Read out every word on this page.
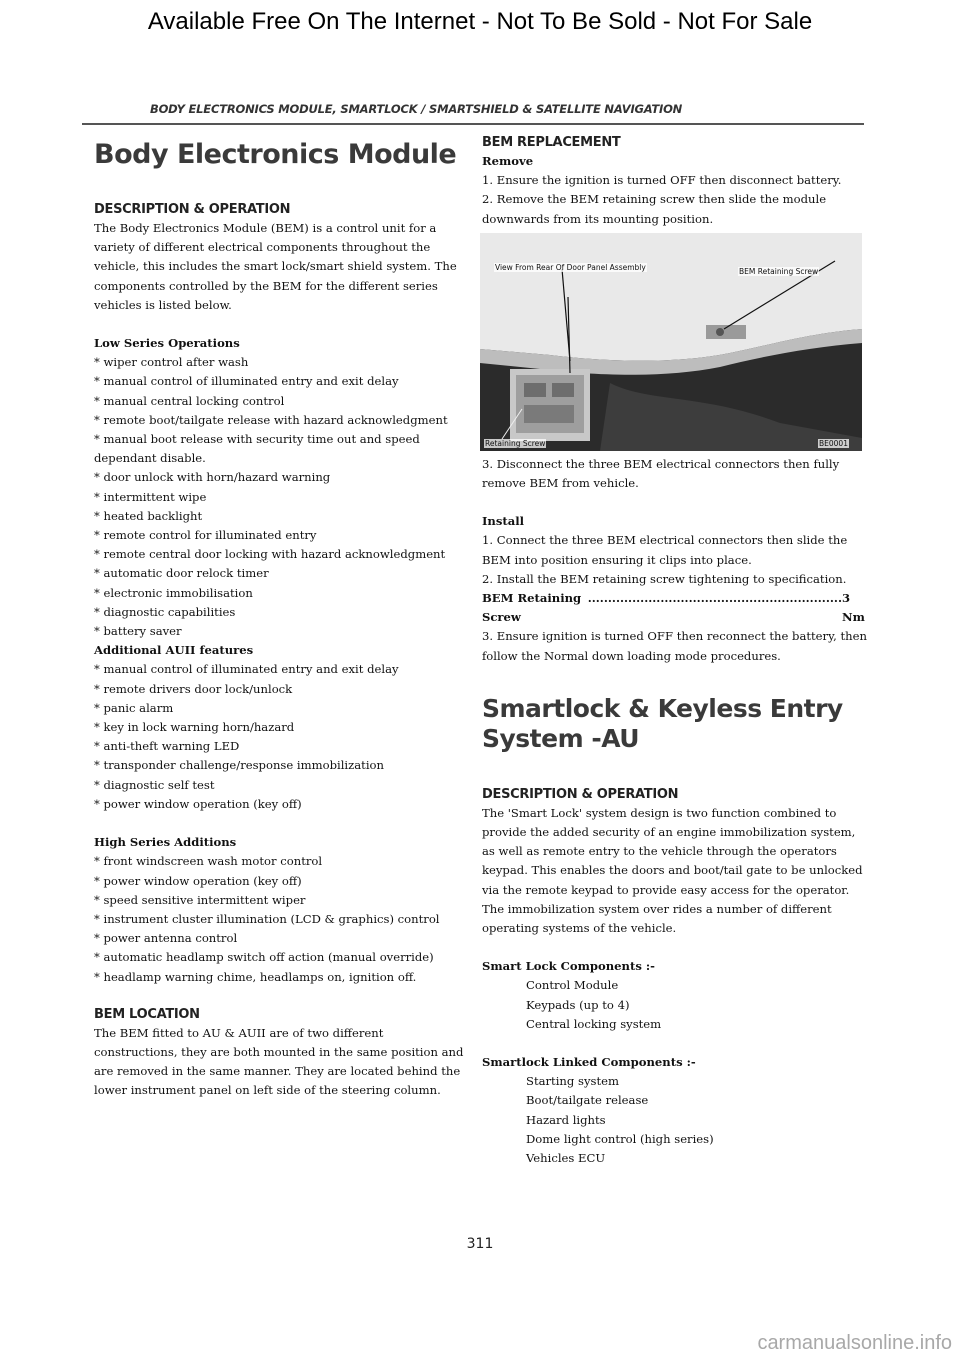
Available Free On The Internet - Not To Be Sold - Not For Sale
BODY ELECTRONICS MODULE, SMARTLOCK / SMARTSHIELD & SATELLITE NAVIGATION
Body Electronics Module
DESCRIPTION & OPERATION

The Body Electronics Module (BEM) is a control unit for a variety of different electrical components throughout the vehicle, this includes the smart lock/smart shield system. The components controlled by the BEM for the different series vehicles is listed below.

Low Series Operations

* wiper control after wash

* manual control of illuminated entry and exit delay

* manual central locking control

* remote boot/tailgate release with hazard acknowledgment

* manual boot release with security time out and speed dependant disable.

* door unlock with horn/hazard warning

* intermittent wipe

* heated backlight

* remote control for illuminated entry

* remote central door locking with hazard acknowledgment

* automatic door relock timer

* electronic immobilisation

* diagnostic capabilities

* battery saver

Additional AUII features

* manual control of illuminated entry and exit delay

* remote drivers door lock/unlock

* panic alarm

* key in lock warning horn/hazard

* anti-theft warning LED

* transponder challenge/response immobilization

* diagnostic self test

* power window operation (key off)

High Series Additions

* front windscreen wash motor control

* power window operation (key off)

* speed sensitive intermittent wiper

* instrument cluster illumination (LCD & graphics) control

* power antenna control

* automatic headlamp switch off action (manual override)

* headlamp warning chime, headlamps on, ignition off.

BEM LOCATION

The BEM fitted to AU & AUII are of two different constructions, they are both mounted in the same position and are removed in the same manner. They are located behind the lower instrument panel on left side of the steering column.

BEM REPLACEMENT
Remove

1. Ensure the ignition is turned OFF then disconnect battery.

2. Remove the BEM retaining screw then slide the module downwards from its mounting position.

View From Rear Of Door Panel Assembly	BEM Retaining Screw
Retaining Screw	BE0001

3. Disconnect the three BEM electrical connectors then fully remove BEM from vehicle.

Install

1. Connect the three BEM electrical connectors then slide the BEM into position ensuring it clips into place.

2. Install the BEM retaining screw tightening to specification.

BEM Retaining Screw
............................................................... 3 Nm

3. Ensure ignition is turned OFF then reconnect the battery, then follow the Normal down loading mode procedures.

Smartlock & Keyless Entry System -AU
DESCRIPTION & OPERATION

The 'Smart Lock' system design is two function combined to provide the added security of an engine immobilization system, as well as remote entry to the vehicle through the operators keypad. This enables the doors and boot/tail gate to be unlocked via the remote keypad to provide easy access for the operator.

The immobilization system over rides a number of different operating systems of the vehicle.

Smart Lock Components :-

Control Module

Keypads (up to 4)

Central locking system

Smartlock Linked Components :-

Starting system

Boot/tailgate release

Hazard lights

Dome light control (high series)

Vehicles ECU

311
carmanualsonline.info
